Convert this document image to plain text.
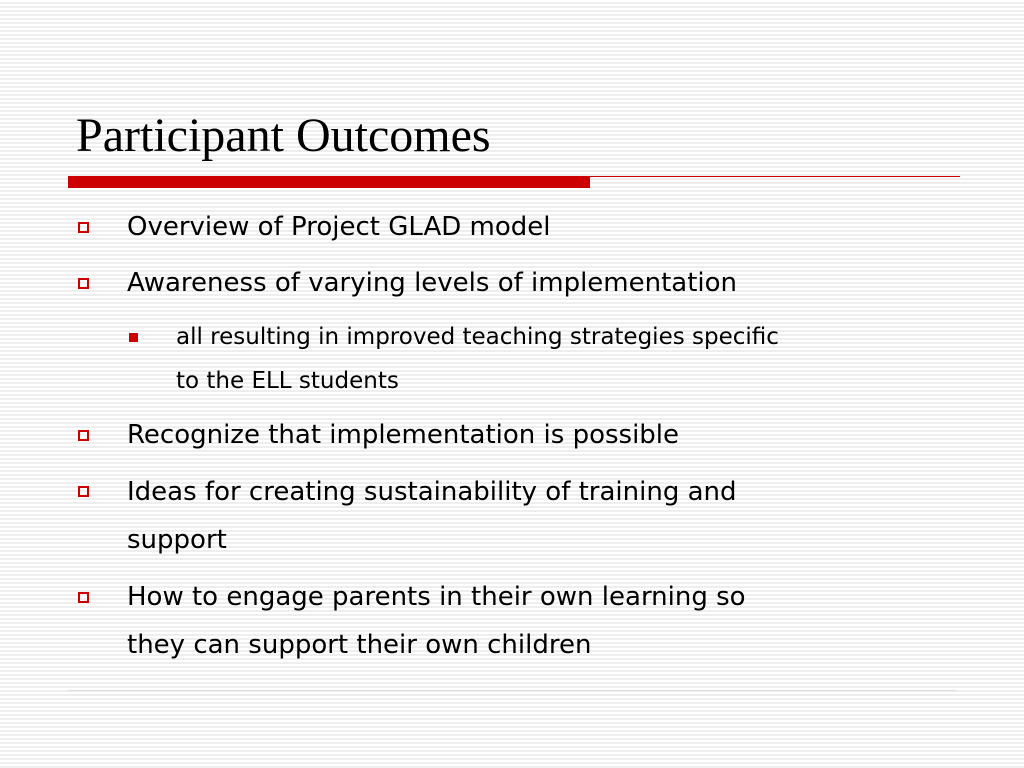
Participant Outcomes
Overview of Project GLAD model
Awareness of varying levels of implementation
all resulting in improved teaching strategies specific
to the ELL students
Recognize that implementation is possible
Ideas for creating sustainability of training and
support
How to engage parents in their own learning so
they can support their own children
